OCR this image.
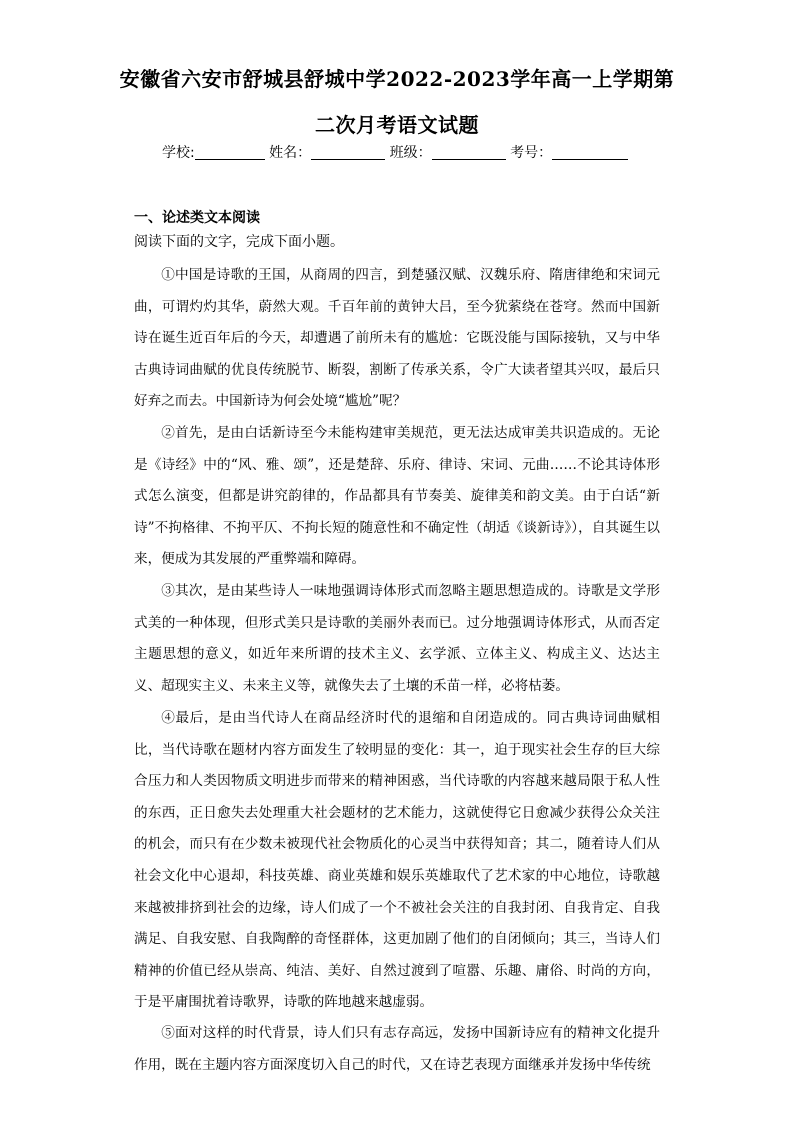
安徽省六安市舒城县舒城中学2022-2023学年高一上学期第
二次月考语文试题
学校:	姓名：	班级：	考号：
一、论述类文本阅读
阅读下面的文字，完成下面小题。

①中国是诗歌的王国，从商周的四言，到楚骚汉赋、汉魏乐府、隋唐律绝和宋词元曲，可谓灼灼其华，蔚然大观。千百年前的黄钟大吕，至今犹萦绕在苍穹。然而中国新诗在诞生近百年后的今天，却遭遇了前所未有的尴尬：它既没能与国际接轨，又与中华古典诗词曲赋的优良传统脱节、断裂，割断了传承关系，令广大读者望其兴叹，最后只好弃之而去。中国新诗为何会处境“尴尬”呢？

②首先，是由白话新诗至今未能构建审美规范，更无法达成审美共识造成的。无论是《诗经》中的“风、雅、颂”，还是楚辞、乐府、律诗、宋词、元曲……不论其诗体形式怎么演变，但都是讲究韵律的，作品都具有节奏美、旋律美和韵文美。由于白话“新诗”不拘格律、不拘平仄、不拘长短的随意性和不确定性（胡适《谈新诗》），自其诞生以来，便成为其发展的严重弊端和障碍。

③其次，是由某些诗人一味地强调诗体形式而忽略主题思想造成的。诗歌是文学形式美的一种体现，但形式美只是诗歌的美丽外表而已。过分地强调诗体形式，从而否定主题思想的意义，如近年来所谓的技术主义、玄学派、立体主义、构成主义、达达主义、超现实主义、未来主义等，就像失去了土壤的禾苗一样，必将枯萎。

④最后，是由当代诗人在商品经济时代的退缩和自闭造成的。同古典诗词曲赋相比，当代诗歌在题材内容方面发生了较明显的变化：其一，迫于现实社会生存的巨大综合压力和人类因物质文明进步而带来的精神困惑，当代诗歌的内容越来越局限于私人性的东西，正日愈失去处理重大社会题材的艺术能力，这就使得它日愈减少获得公众关注的机会，而只有在少数未被现代社会物质化的心灵当中获得知音；其二，随着诗人们从社会文化中心退却，科技英雄、商业英雄和娱乐英雄取代了艺术家的中心地位，诗歌越来越被排挤到社会的边缘，诗人们成了一个不被社会关注的自我封闭、自我肯定、自我满足、自我安慰、自我陶醉的奇怪群体，这更加剧了他们的自闭倾向；其三，当诗人们精神的价值已经从崇高、纯洁、美好、自然过渡到了喧嚣、乐趣、庸俗、时尚的方向，于是平庸围扰着诗歌界，诗歌的阵地越来越虚弱。

⑤面对这样的时代背景，诗人们只有志存高远，发扬中国新诗应有的精神文化提升作用，既在主题内容方面深度切入自己的时代，又在诗艺表现方面继承并发扬中华传统
